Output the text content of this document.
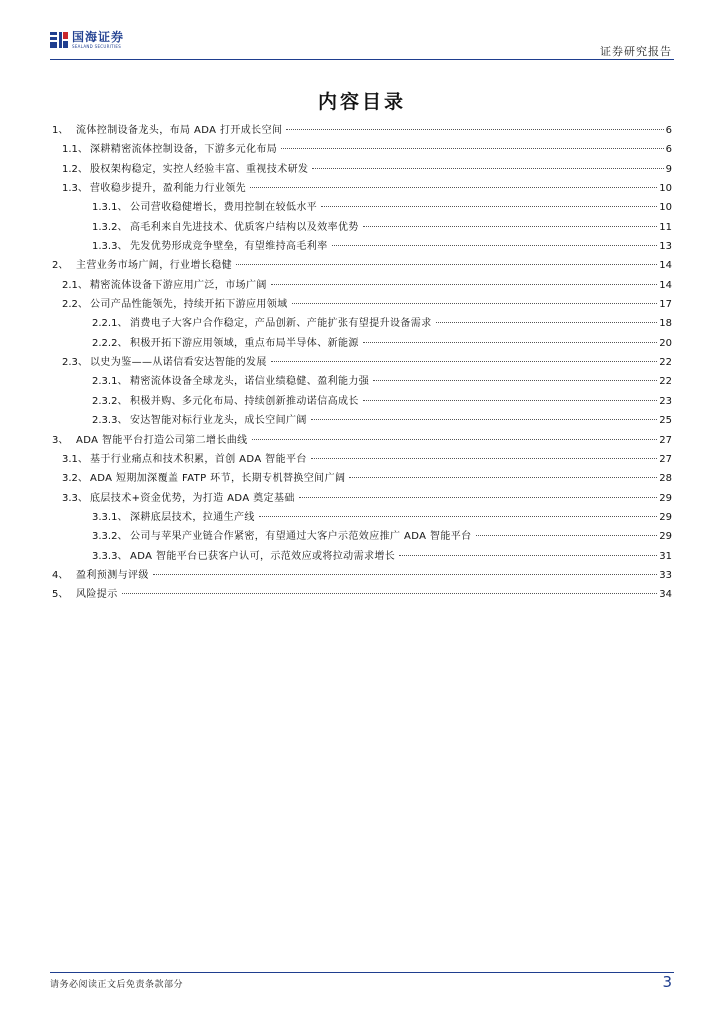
国海证券
SEALAND SECURITIES	证券研究报告
内容目录
1、 流体控制设备龙头，布局 ADA 打开成长空间	6
1.1、 深耕精密流体控制设备，下游多元化布局	6
1.2、 股权架构稳定，实控人经验丰富、重视技术研发	9
1.3、 营收稳步提升，盈利能力行业领先	10
1.3.1、 公司营收稳健增长，费用控制在较低水平	10
1.3.2、 高毛利来自先进技术、优质客户结构以及效率优势	11
1.3.3、 先发优势形成竞争壁垒，有望维持高毛利率	13
2、 主营业务市场广阔，行业增长稳健	14
2.1、 精密流体设备下游应用广泛，市场广阔	14
2.2、 公司产品性能领先，持续开拓下游应用领域	17
2.2.1、 消费电子大客户合作稳定，产品创新、产能扩张有望提升设备需求	18
2.2.2、 积极开拓下游应用领域，重点布局半导体、新能源	20
2.3、 以史为鉴——从诺信看安达智能的发展	22
2.3.1、 精密流体设备全球龙头，诺信业绩稳健、盈利能力强	22
2.3.2、 积极并购、多元化布局、持续创新推动诺信高成长	23
2.3.3、 安达智能对标行业龙头，成长空间广阔	25
3、 ADA 智能平台打造公司第二增长曲线	27
3.1、 基于行业痛点和技术积累，首创 ADA 智能平台	27
3.2、 ADA 短期加深覆盖 FATP 环节，长期专机替换空间广阔	28
3.3、 底层技术+资金优势，为打造 ADA 奠定基础	29
3.3.1、 深耕底层技术，拉通生产线	29
3.3.2、 公司与苹果产业链合作紧密，有望通过大客户示范效应推广 ADA 智能平台	29
3.3.3、 ADA 智能平台已获客户认可，示范效应或将拉动需求增长	31
4、 盈利预测与评级	33
5、 风险提示	34
请务必阅读正文后免责条款部分	3
